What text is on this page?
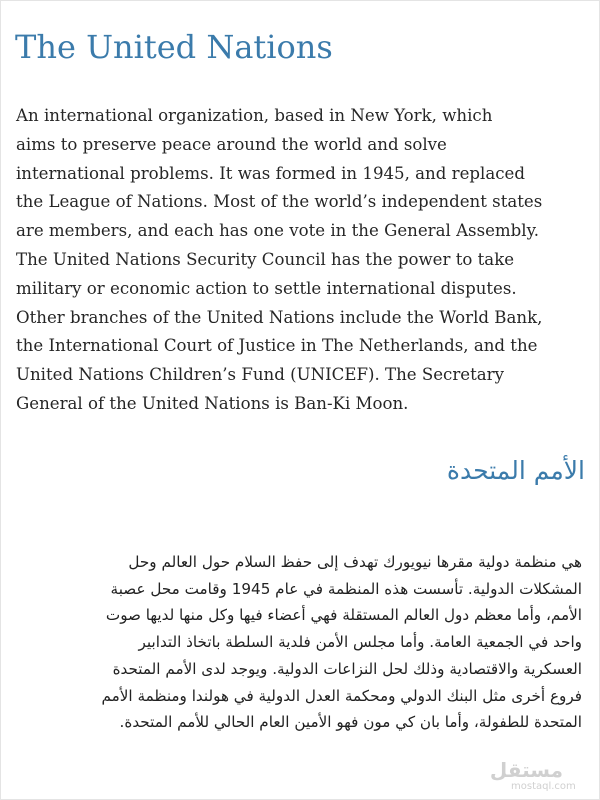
The United Nations

An international organization, based in New York, which
aims to preserve peace around the world and solve
international problems. It was formed in 1945, and replaced
the League of Nations. Most of the world’s independent states
are members, and each has one vote in the General Assembly.
The United Nations Security Council has the power to take
military or economic action to settle international disputes.
Other branches of the United Nations include the World Bank,
the International Court of Justice in The Netherlands, and the
United Nations Children’s Fund (UNICEF). The Secretary
General of the United Nations is Ban-Ki Moon.

الأمم المتحدة

هي منظمة دولية مقرها نيويورك تهدف إلى حفظ السلام حول العالم وحل
المشكلات الدولية. تأسست هذه المنظمة في عام 1945 وقامت محل عصبة
الأمم، وأما معظم دول العالم المستقلة فهي أعضاء فيها وكل منها لديها صوت
واحد في الجمعية العامة. وأما مجلس الأمن فلدية السلطة باتخاذ التدابير
العسكرية والاقتصادية وذلك لحل النزاعات الدولية. ويوجد لدى الأمم المتحدة
فروع أخرى مثل البنك الدولي ومحكمة العدل الدولية في هولندا ومنظمة الأمم
المتحدة للطفولة، وأما بان كي مون فهو الأمين العام الحالي للأمم المتحدة.

مستقل
mostaql.com
